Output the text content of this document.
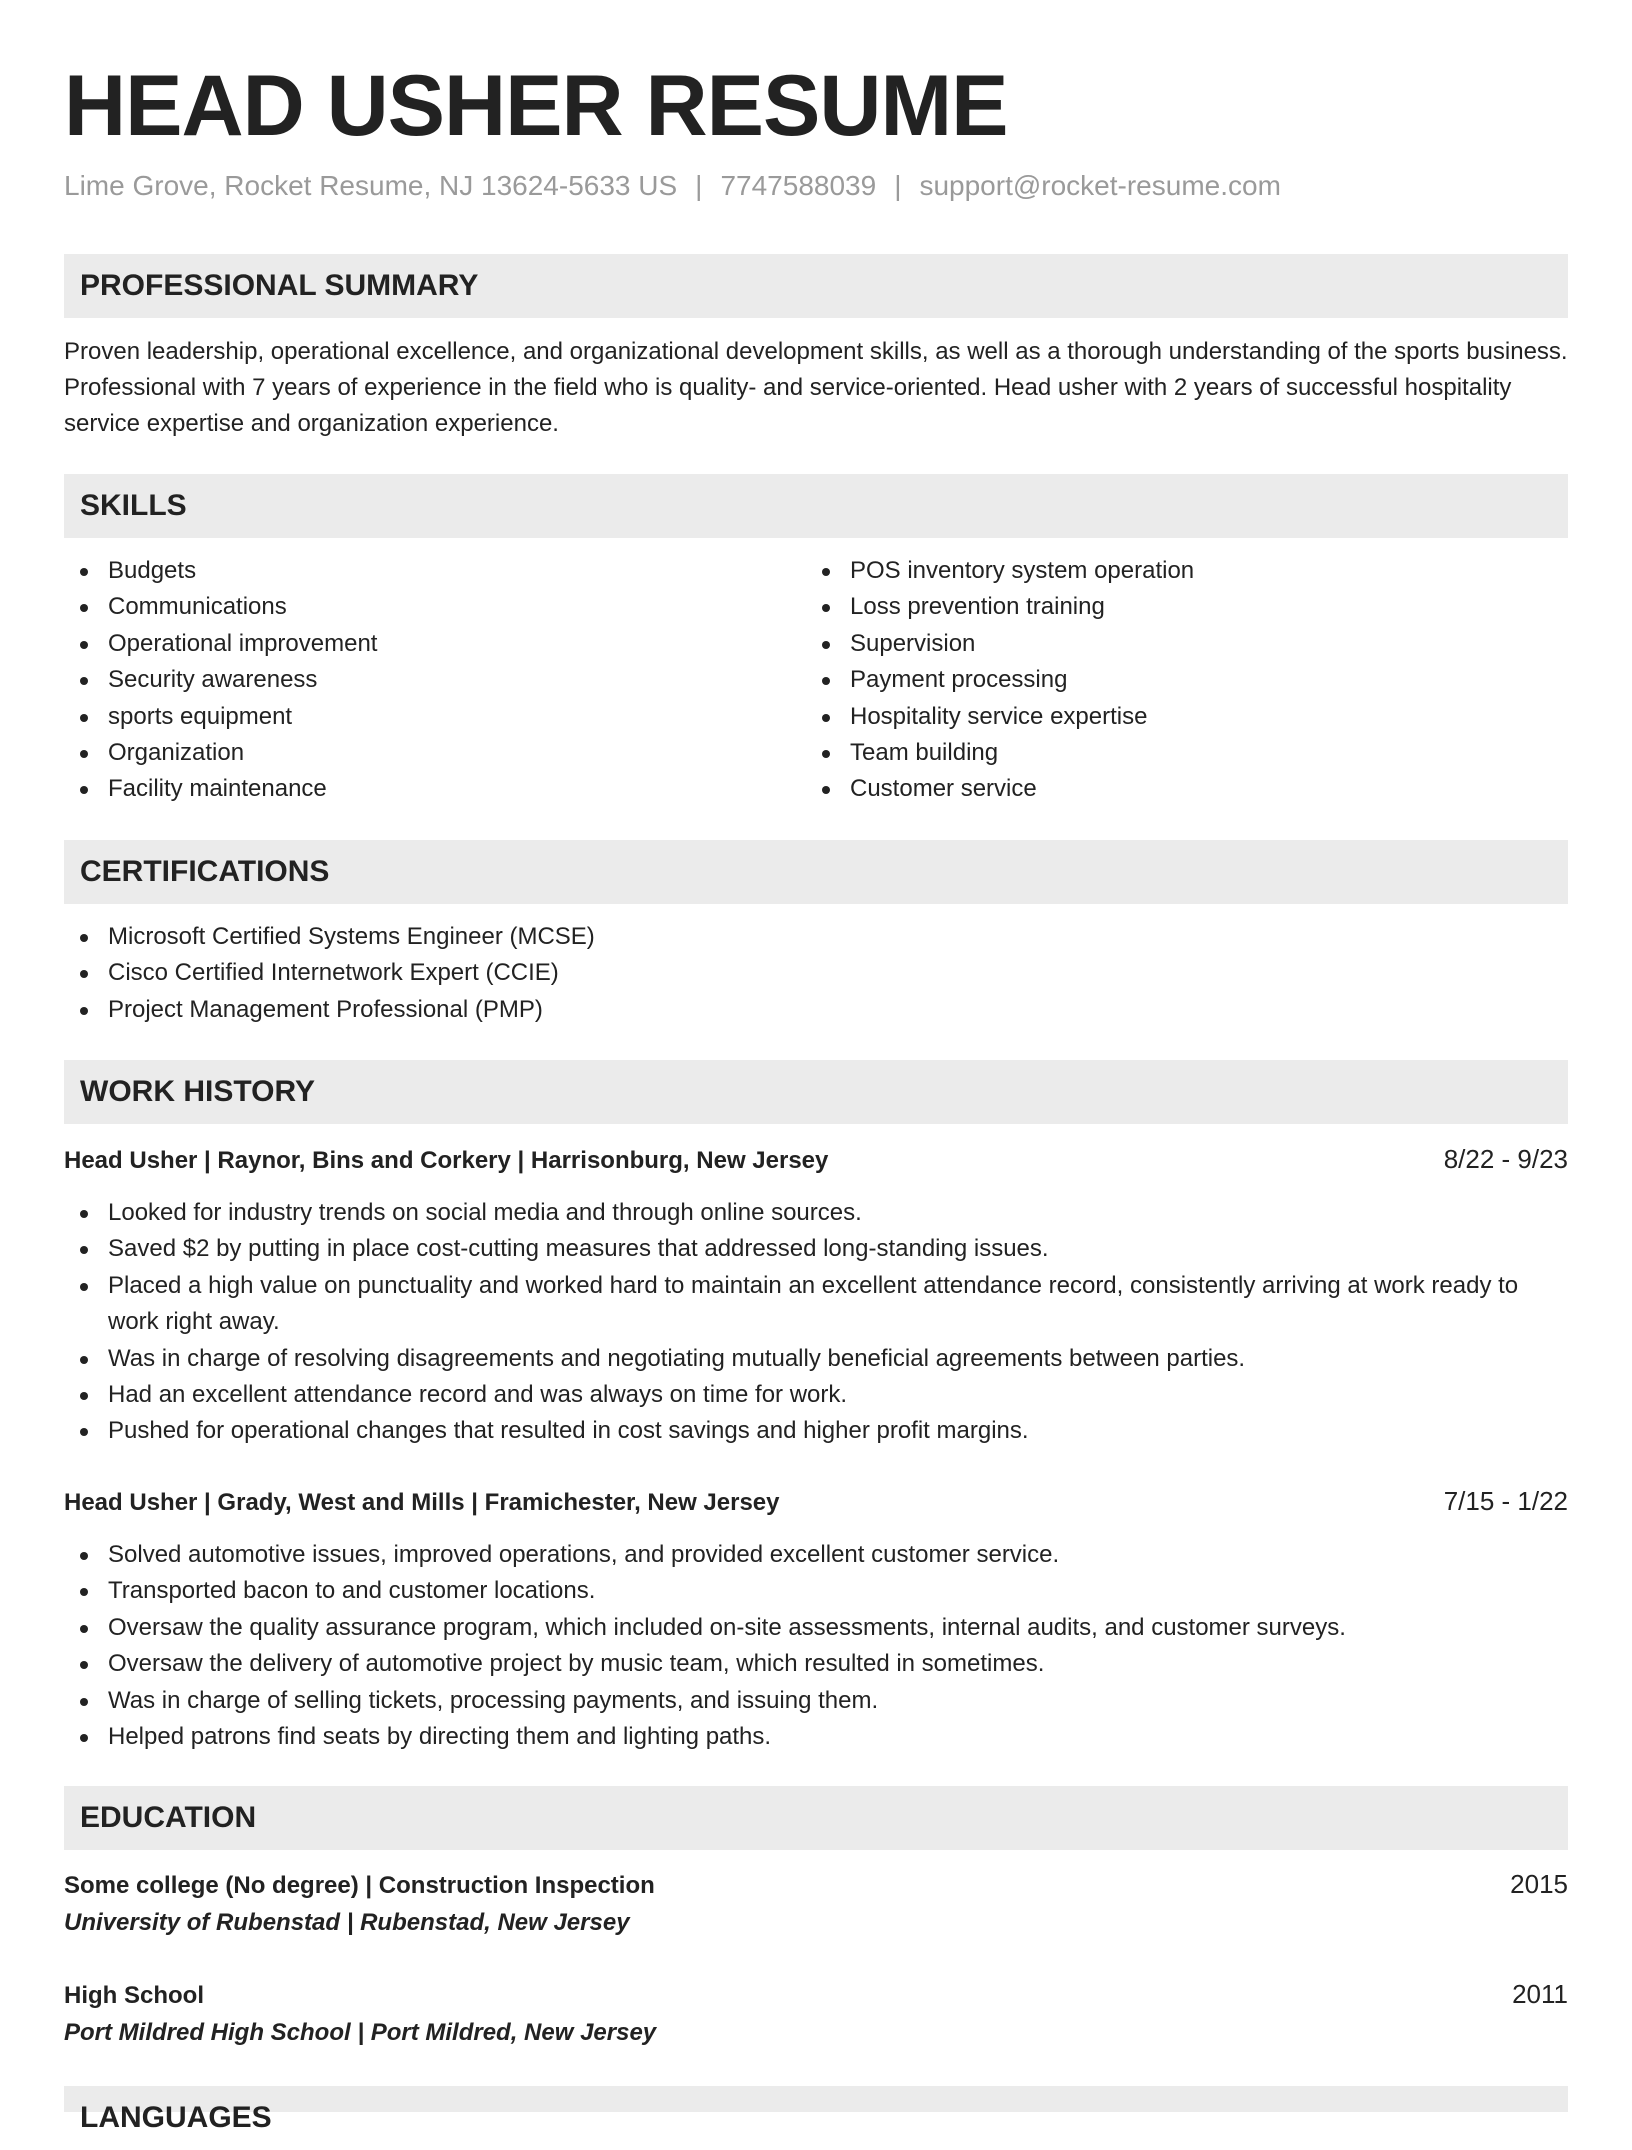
HEAD USHER RESUME
Lime Grove, Rocket Resume, NJ 13624-5633 US | 7747588039 | support@rocket-resume.com
PROFESSIONAL SUMMARY

Proven leadership, operational excellence, and organizational development skills, as well as a thorough understanding of the sports business. Professional with 7 years of experience in the field who is quality- and service-oriented. Head usher with 2 years of successful hospitality service expertise and organization experience.

SKILLS
Budgets
Communications
Operational improvement
Security awareness
sports equipment
Organization
Facility maintenance
POS inventory system operation
Loss prevention training
Supervision
Payment processing
Hospitality service expertise
Team building
Customer service
CERTIFICATIONS
Microsoft Certified Systems Engineer (MCSE)
Cisco Certified Internetwork Expert (CCIE)
Project Management Professional (PMP)
WORK HISTORY
Head Usher | Raynor, Bins and Corkery | Harrisonburg, New Jersey	8/22 - 9/23
Looked for industry trends on social media and through online sources.
Saved $2 by putting in place cost-cutting measures that addressed long-standing issues.
Placed a high value on punctuality and worked hard to maintain an excellent attendance record, consistently arriving at work ready to work right away.
Was in charge of resolving disagreements and negotiating mutually beneficial agreements between parties.
Had an excellent attendance record and was always on time for work.
Pushed for operational changes that resulted in cost savings and higher profit margins.
Head Usher | Grady, West and Mills | Framichester, New Jersey	7/15 - 1/22
Solved automotive issues, improved operations, and provided excellent customer service.
Transported bacon to and customer locations.
Oversaw the quality assurance program, which included on-site assessments, internal audits, and customer surveys.
Oversaw the delivery of automotive project by music team, which resulted in sometimes.
Was in charge of selling tickets, processing payments, and issuing them.
Helped patrons find seats by directing them and lighting paths.
EDUCATION
Some college (No degree) | Construction Inspection	2015
University of Rubenstad | Rubenstad, New Jersey
High School	2011
Port Mildred High School | Port Mildred, New Jersey
LANGUAGES
